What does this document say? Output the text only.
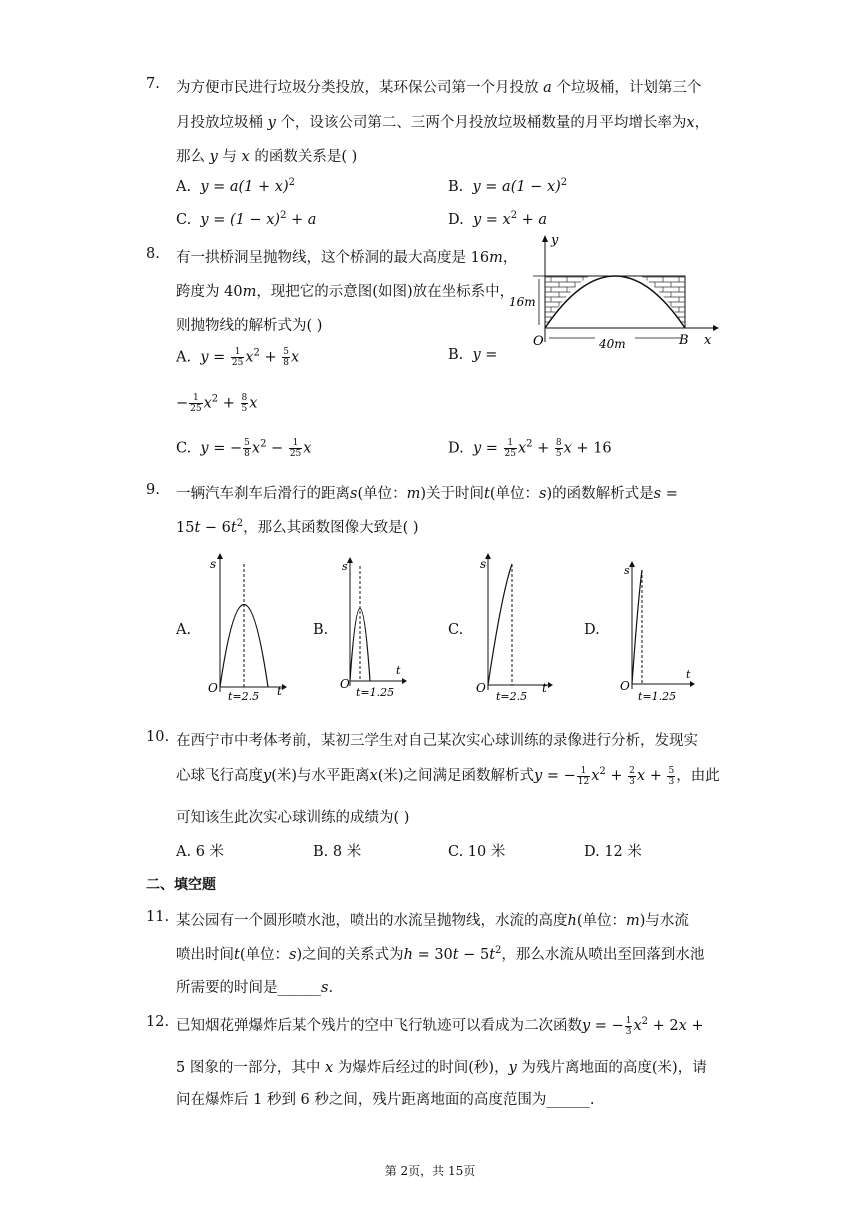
7. 为方便市民进行垃圾分类投放，某环保公司第一个月投放 a 个垃圾桶，计划第三个
月投放垃圾桶 y 个，设该公司第二、三两个月投放垃圾桶数量的月平均增长率为x，
那么 y 与 x 的函数关系是( )
A. $y = a(1 + x)^2$	B. $y = a(1 - x)^2$
C. $y = (1 - x)^2 + a$	D. $y = x^2 + a$
8. 有一拱桥洞呈抛物线，这个桥洞的最大高度是 16m，
跨度为 40m，现把它的示意图(如图)放在坐标系中，
则抛物线的解析式为( )
y
16m
O	B x
40m
A. $y = \frac{1}{25} x^2 + \frac{5}{8}$ x	B. y =
− $\frac{1}{25} x^2 + \frac{8}{5}$ x
C. y = − $\frac{5}{8} x^2 - \frac{1}{25}$ x	D. $y = \frac{1}{25} x^2 + \frac{8}{5}$ x + 16
9. 一辆汽车刹车后滑行的距离s(单位：m)关于时间t(单位：s)的函数解析式是s =
$15t - 6t^2$，那么其函数图像大致是( )
A.	B.	C.	D.
s
O	t
t=2.5
s
O
t
t=1.25
s
O	t
t=2.5
s
O
t
t=1.25
10. 在西宁市中考体考前，某初三学生对自己某次实心球训练的录像进行分析，发现实
心球飞行高度y(米)与水平距离x(米)之间满足函数解析式y = − $\frac{1}{12} x^2 + \frac{2}{3}$ $x + \frac{5}{3}$ ，由此
可知该生此次实心球训练的成绩为( )
A. 6 米	B. 8 米	C. 10 米	D. 12 米
二、填空题
11. 某公园有一个圆形喷水池，喷出的水流呈抛物线，水流的高度h(单位：m)与水流
喷出时间t(单位：s)之间的关系式为$h = 30t - 5t^2$，那么水流从喷出至回落到水池
所需要的时间是______s.
12. 已知烟花弹爆炸后某个残片的空中飞行轨迹可以看成为二次函数y = − $\frac{1}{3} x^2 + 2x$ +
5 图象的一部分，其中 x 为爆炸后经过的时间(秒)，y 为残片离地面的高度(米)，请
问在爆炸后 1 秒到 6 秒之间，残片距离地面的高度范围为______.
第 2页，共 15页
